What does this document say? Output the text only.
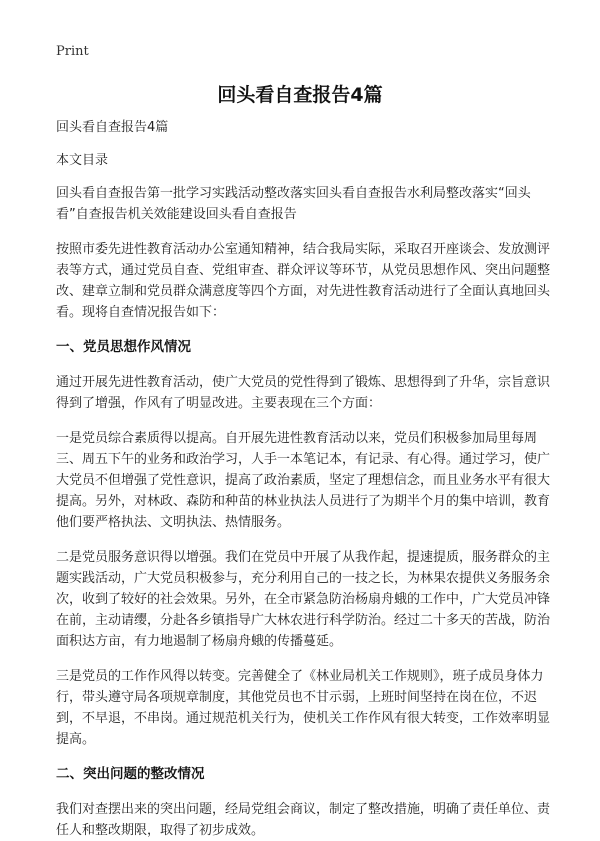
Print
回头看自查报告4篇

回头看自查报告4篇

本文目录

回头看自查报告第一批学习实践活动整改落实回头看自查报告水利局整改落实“回头看”自查报告机关效能建设回头看自查报告

按照市委先进性教育活动办公室通知精神，结合我局实际，采取召开座谈会、发放测评表等方式，通过党员自查、党组审查、群众评议等环节，从党员思想作风、突出问题整改、建章立制和党员群众满意度等四个方面，对先进性教育活动进行了全面认真地回头看。现将自查情况报告如下：

一、党员思想作风情况

通过开展先进性教育活动，使广大党员的党性得到了锻炼、思想得到了升华，宗旨意识得到了增强，作风有了明显改进。主要表现在三个方面：

一是党员综合素质得以提高。自开展先进性教育活动以来，党员们积极参加局里每周三、周五下午的业务和政治学习，人手一本笔记本，有记录、有心得。通过学习，使广大党员不但增强了党性意识，提高了政治素质，坚定了理想信念，而且业务水平有很大提高。另外，对林政、森防和种苗的林业执法人员进行了为期半个月的集中培训，教育他们要严格执法、文明执法、热情服务。

二是党员服务意识得以增强。我们在党员中开展了从我作起，提速提质，服务群众的主题实践活动，广大党员积极参与，充分利用自己的一技之长，为林果农提供义务服务余次，收到了较好的社会效果。另外，在全市紧急防治杨扇舟蛾的工作中，广大党员冲锋在前，主动请缨，分赴各乡镇指导广大林农进行科学防治。经过二十多天的苦战，防治面积达方亩，有力地遏制了杨扇舟蛾的传播蔓延。

三是党员的工作作风得以转变。完善健全了《林业局机关工作规则》，班子成员身体力行，带头遵守局各项规章制度，其他党员也不甘示弱，上班时间坚持在岗在位，不迟到，不早退，不串岗。通过规范机关行为，使机关工作作风有很大转变，工作效率明显提高。

二、突出问题的整改情况

我们对查摆出来的突出问题，经局党组会商议，制定了整改措施，明确了责任单位、责任人和整改期限，取得了初步成效。
